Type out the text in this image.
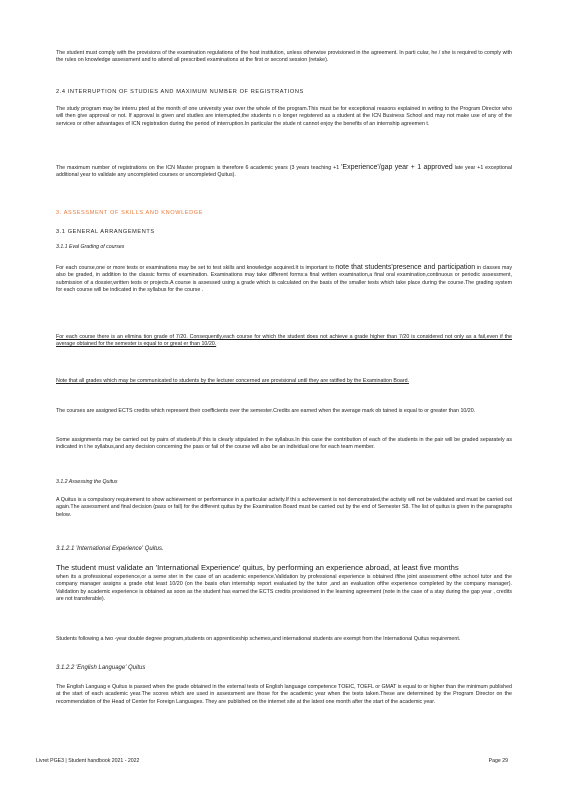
The student must comply with the provisions of the examination regulations of the host institution, unless otherwise provisioned in the agreement. In parti cular, he / she is required to comply with the rules on knowledge assessment and to attend all prescribed examinations at the first or second session (retake).

2.4 INTERRUPTION OF STUDIES AND MAXIMUM NUMBER OF REGISTRATIONS

The study program may be interru pted at the month of one university year over the whole of the program.This must be for exceptional reasons explained in writing to the Program Director who will then give approval or not. If approval is given and studies are interrupted,the students n o longer registered as a student at the ICN Business School and may not make use of any of the services or other advantages of ICN registration during the period of interruption.In particular the stude nt cannot enjoy the benefits of an internship agreemen t.

The maximum number of registrations on the ICN Master program is therefore 6 academic years (3 years teaching +1 'Experience'/gap year + 1 approved late year +1 exceptional additional year to validate any uncompleted courses or uncompleted Quitus).

3. ASSESSMENT OF SKILLS AND KNOWLEDGE

3.1 GENERAL ARRANGEMENTS

3.1.1 Eval Grading of courses

For each course,one or more tests or examinations may be set to test skills and knowledge acquired.It is important to note that students'presence and participation in classes may also be graded, in addition to the classic forms of examination. Examinations may take different forms:a final written examination,a final oral examination,continuous or periodic assessment, submission of a dossier,written tests or projects.A course is assessed using a grade which is calculated on the basis of the smaller tests which take place during the course.The grading system for each course will be indicated in the syllabus for the course .

For each course there is an elimina tion grade of 7/20. Consequently,each course for which the student does not achieve a grade higher than 7/20 is considered not only as a fail,even if the average obtained for the semester is equal to or great er than 10/20.

Note that all grades which may be communicated to students by the lecturer concerned are provisional until they are ratified by the Examination Board.

The courses are assigned ECTS credits which represent their coefficients over the semester.Credits are earned when the average mark ob tained is equal to or greater than 10/20.

Some assignments may be carried out by pairs of students,if this is clearly stipulated in the syllabus.In this case the contribution of each of the students in the pair will be graded separately as indicated in t he syllabus,and any decision concerning the pass or fail of the course will also be an individual one for each team member.

3.1.2 Assessing the Quitus

A Quitus is a compulsory requirement to show achievement or performance in a particular activity.If thi s achievement is not demonstrated,the activity will not be validated and must be carried out again.The assessment and final decision (pass or fail) for the different quitus by the Examination Board must be carried out by the end of Semester S8. The list of quitus is given in the paragraphs below.

3.1.2.1 'International Experience' Quitus.

The student must validate an 'International Experience' quitus, by performing an experience abroad, at least five months

when its a professional experience,or a seme ster in the case of an academic experience.Validation by professional experience is obtained ifthe joint assessment ofthe school tutor and the company manager assigns a grade ofat least 10/20 (on the basis ofan internship report evaluated by the tutor ,and an evaluation ofthe experience completed by the company manager). Validation by academic experience is obtained as soon as the student has earned the ECTS credits provisioned in the learning agreement (note in the case of a stay during the gap year , credits are not transferable).

Students following a two -year double degree program,students on apprenticeship schemes,and international students are exempt from the International Quitus requirement.

3.1.2.2 'English Language' Quitus

The English Languag e Quitus is passed when the grade obtained in the external tests of English language competence TOEIC, TOEFL or GMAT is equal to or higher than the minimum published at the start of each academic year.The scores which are used in assessment are those for the academic year when the tests taken.These are determined by the Program Director on the recommendation of the Head of Center for Foreign Languages. They are published on the internet site at the latest one month after the start of the academic year.

Livret PGE3 | Student handbook 2021 - 2022	Page 29
